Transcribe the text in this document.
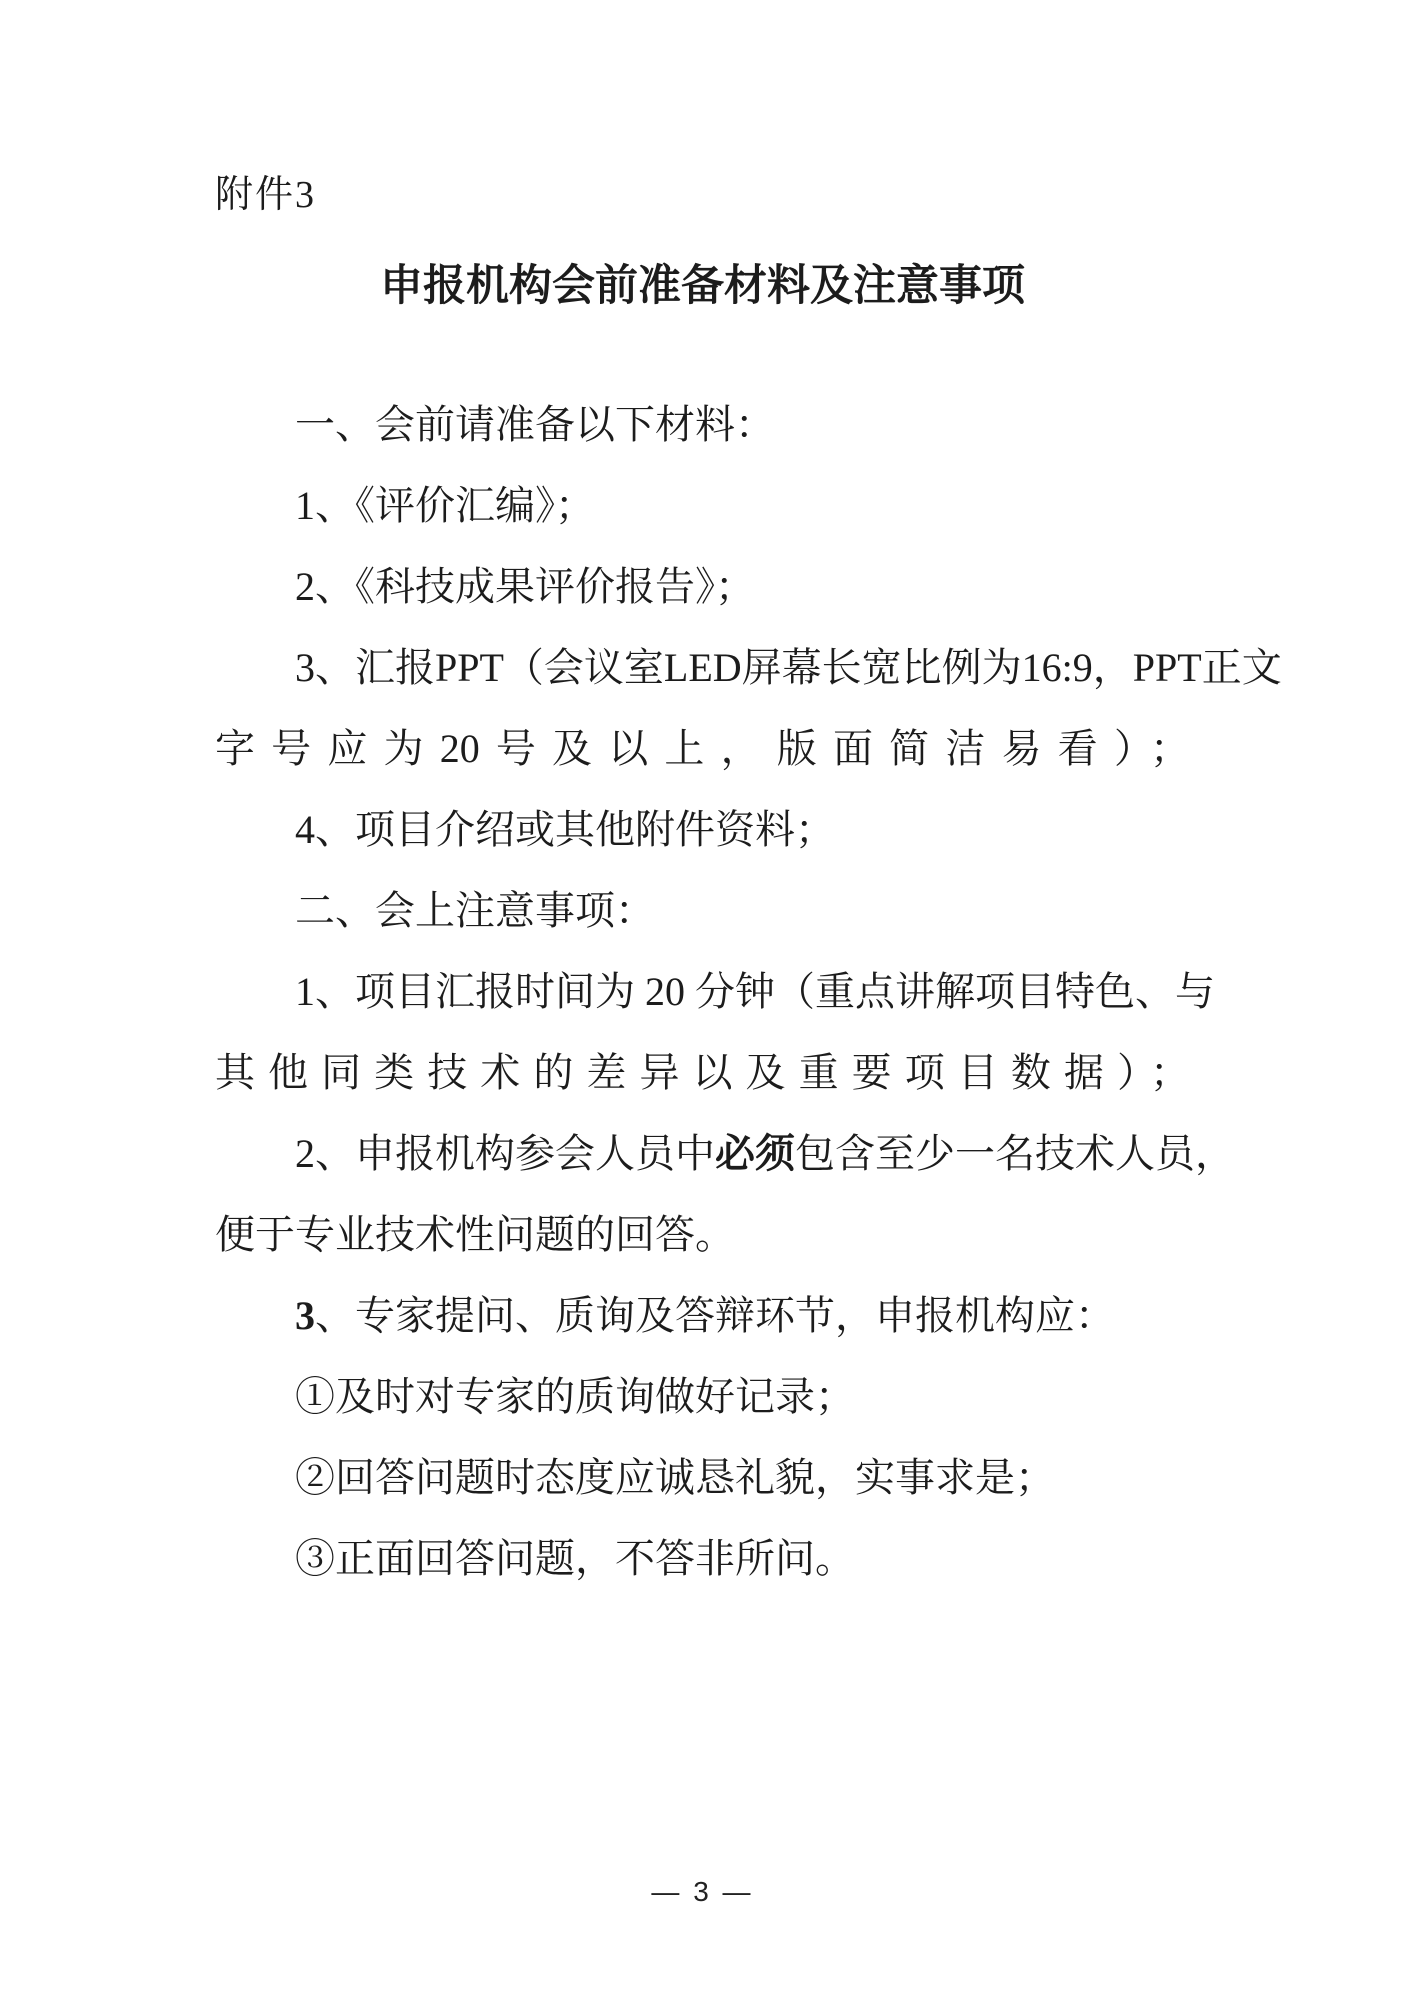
附件3
申报机构会前准备材料及注意事项
一、会前请准备以下材料：
1、《评价汇编》；
2、《科技成果评价报告》；
3、汇报PPT（会议室LED屏幕长宽比例为16:9，PPT正文
字号应为20号及以上，版面简洁易看）；
4、项目介绍或其他附件资料；
二、会上注意事项：
1、项目汇报时间为 20 分钟（重点讲解项目特色、与
其他同类技术的差异以及重要项目数据）；
2、申报机构参会人员中必须包含至少一名技术人员，
便于专业技术性问题的回答。
3、专家提问、质询及答辩环节，申报机构应：
①及时对专家的质询做好记录；
②回答问题时态度应诚恳礼貌，实事求是；
③正面回答问题，不答非所问。
— 3 —
